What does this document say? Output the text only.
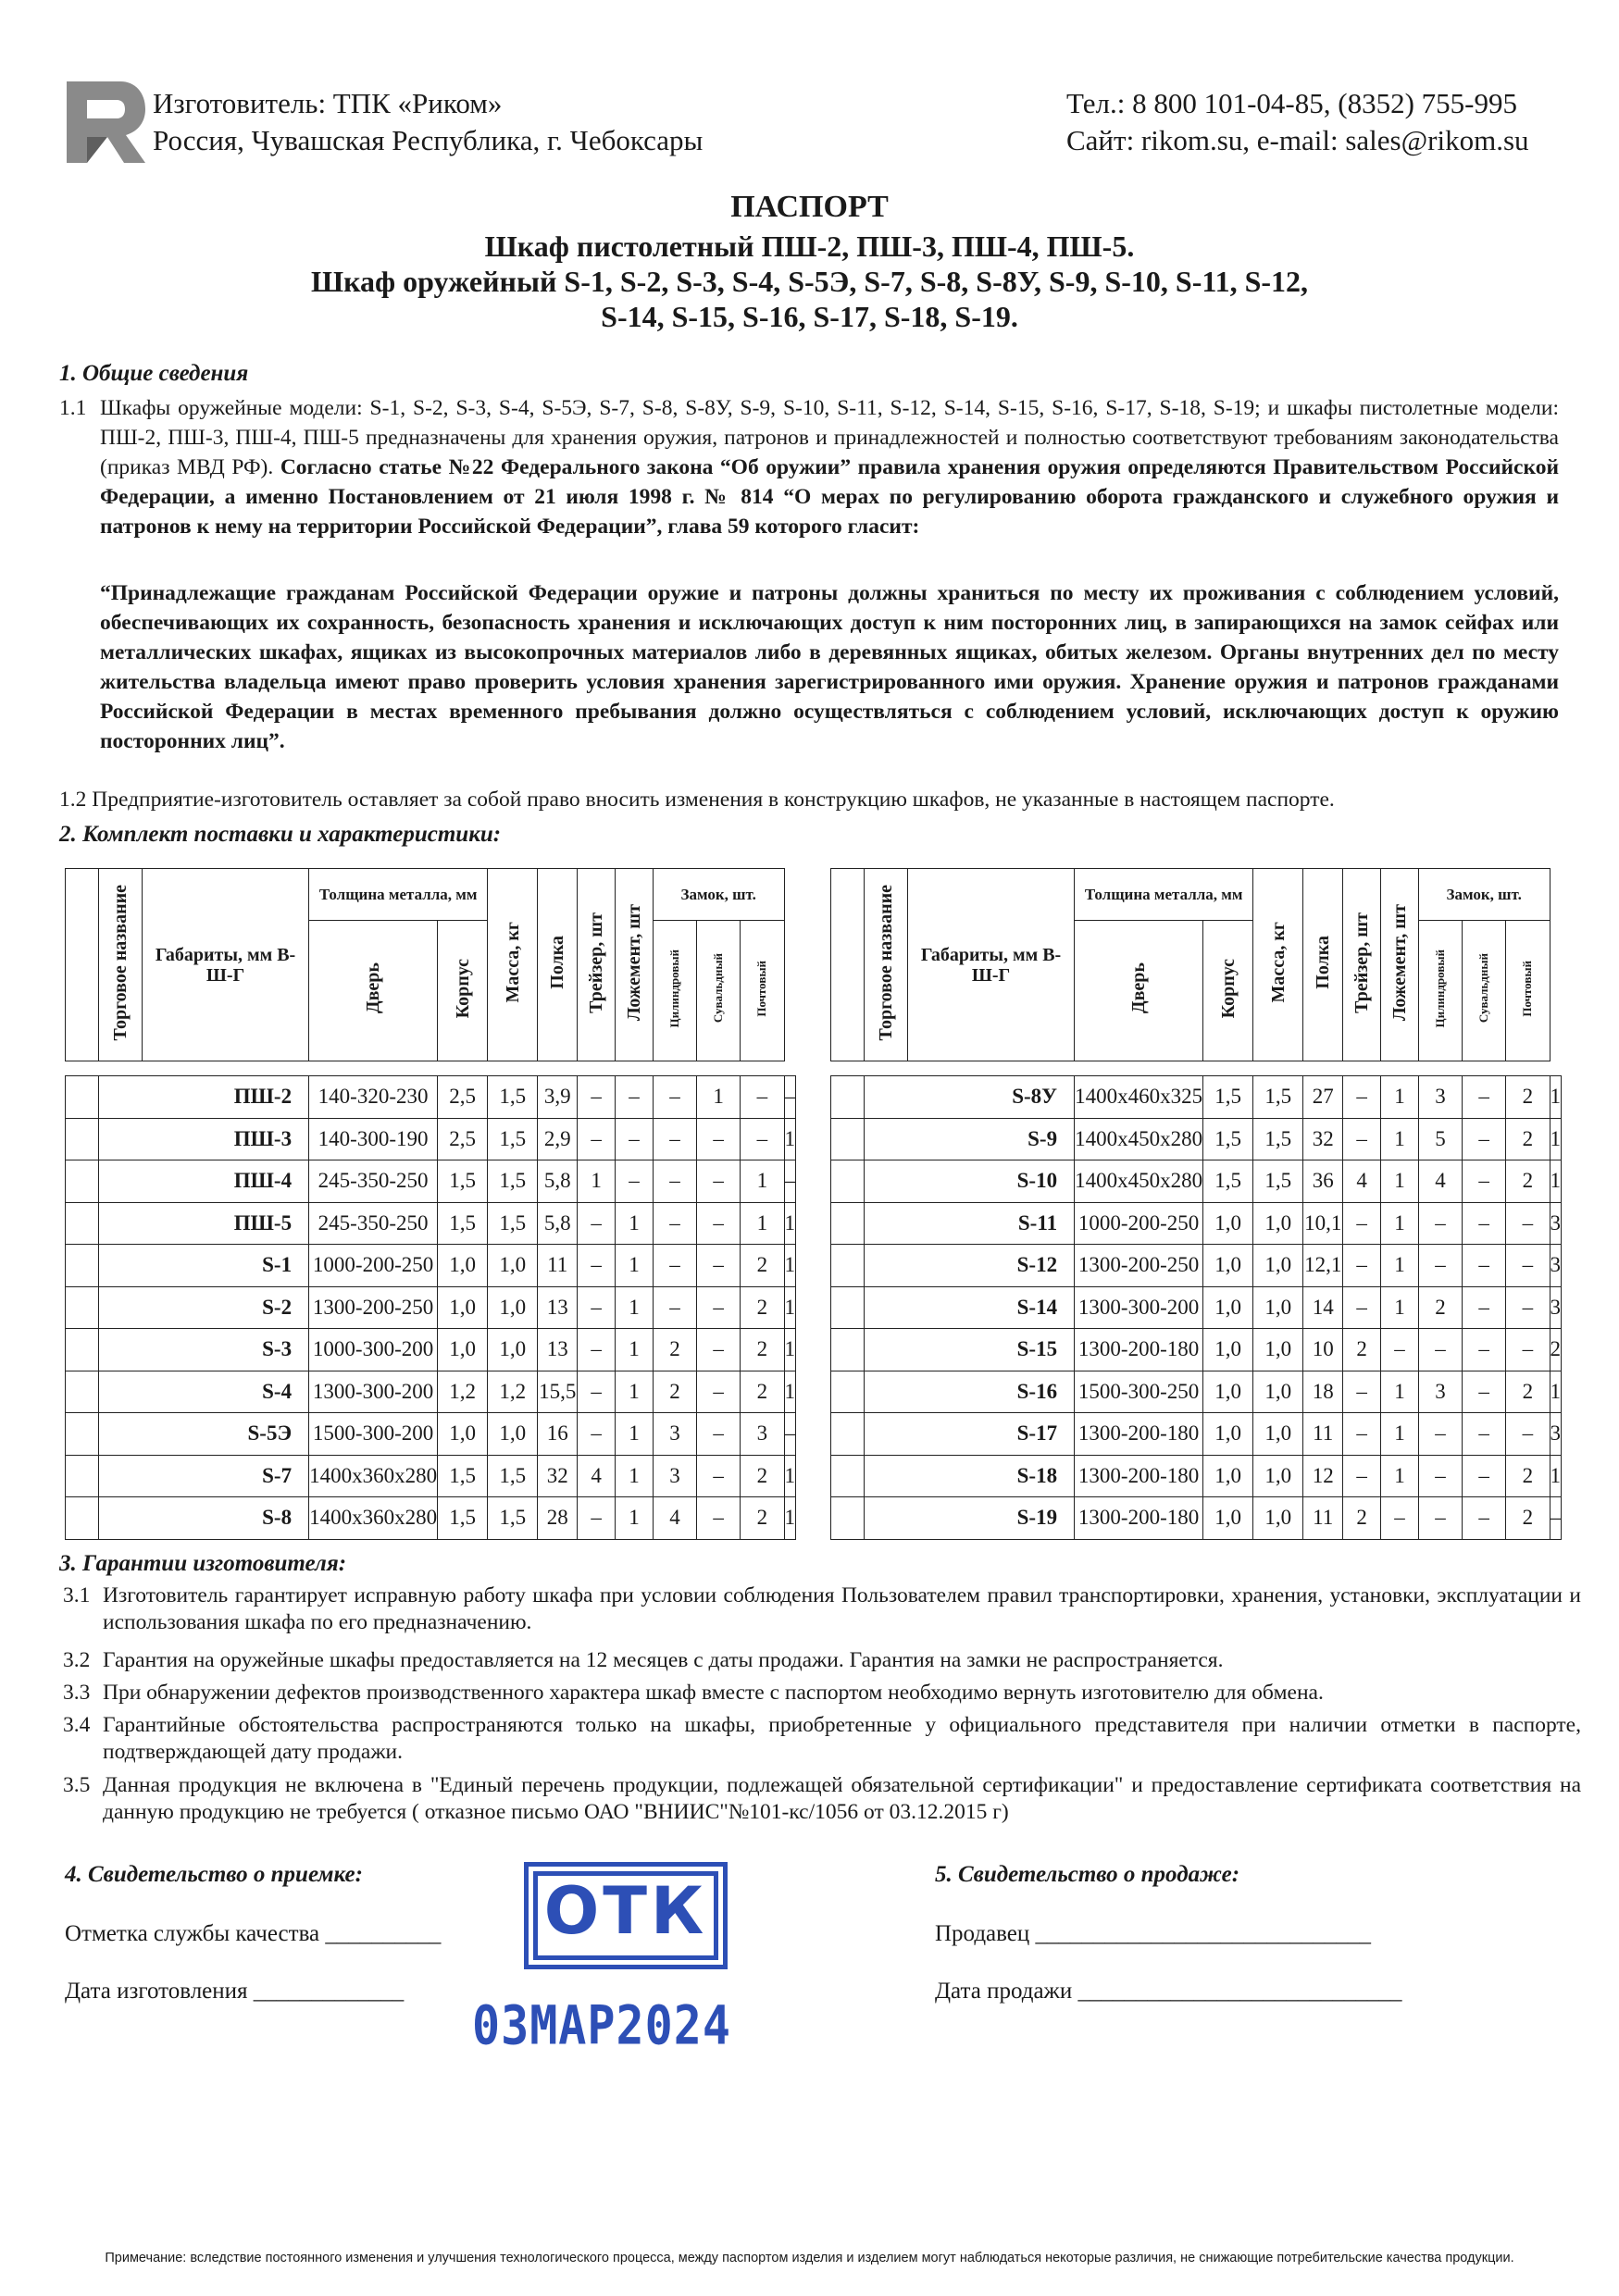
Изготовитель: ТПК «Риком»
Россия, Чувашская Республика, г. Чебоксары
Тел.: 8 800 101-04-85, (8352) 755-995
Сайт: rikom.su, e-mail: sales@rikom.su
ПАСПОРТ
Шкаф пистолетный ПШ-2, ПШ-3, ПШ-4, ПШ-5.
Шкаф оружейный S-1, S-2, S-3, S-4, S-5Э, S-7, S-8, S-8У, S-9, S-10, S-11, S-12,
S-14, S-15, S-16, S-17, S-18, S-19.
1. Общие сведения
1.1 Шкафы оружейные модели: S-1, S-2, S-3, S-4, S-5Э, S-7, S-8, S-8У, S-9, S-10, S-11, S-12, S-14, S-15, S-16, S-17, S-18, S-19; и шкафы пистолетные модели: ПШ-2, ПШ-3, ПШ-4, ПШ-5 предназначены для хранения оружия, патронов и принадлежностей и полностью соответствуют требованиям законодательства (приказ МВД РФ). Согласно статье №22 Федерального закона “Об оружии” правила хранения оружия определяются Правительством Российской Федерации, а именно Постановлением от 21 июля 1998 г. № 814 “О мерах по регулированию оборота гражданского и служебного оружия и патронов к нему на территории Российской Федерации”, глава 59 которого гласит:
“Принадлежащие гражданам Российской Федерации оружие и патроны должны храниться по месту их проживания с соблюдением условий, обеспечивающих их сохранность, безопасность хранения и исключающих доступ к ним посторонних лиц, в запирающихся на замок сейфах или металлических шкафах, ящиках из высокопрочных материалов либо в деревянных ящиках, обитых железом. Органы внутренних дел по месту жительства владельца имеют право проверить условия хранения зарегистрированного ими оружия. Хранение оружия и патронов гражданами Российской Федерации в местах временного пребывания должно осуществляться с соблюдением условий, исключающих доступ к оружию посторонних лиц”.
1.2 Предприятие-изготовитель оставляет за собой право вносить изменения в конструкцию шкафов, не указанные в настоящем паспорте.
2. Комплект поставки и характеристики:
	Торговое название	Габариты, мм В-Ш-Г	Толщина металла, мм		Масса, кг	Полка	Трейзер, шт	Ложемент, шт	Замок, шт.			
			Дверь	Корпус					Цилиндровый	Сувальдный	Почтовый	

	ПШ-2		140-320-230	2,5	1,5	3,9	–	–	–	1	–	–
	ПШ-3		140-300-190	2,5	1,5	2,9	–	–	–	–	–	1
	ПШ-4		245-350-250	1,5	1,5	5,8	1	–	–	–	1	–
	ПШ-5		245-350-250	1,5	1,5	5,8	–	1	–	–	1	1
	S-1		1000-200-250	1,0	1,0	11	–	1	–	–	2	1
	S-2		1300-200-250	1,0	1,0	13	–	1	–	–	2	1
	S-3		1000-300-200	1,0	1,0	13	–	1	2	–	2	1
	S-4		1300-300-200	1,2	1,2	15,5	–	1	2	–	2	1
	S-5Э		1500-300-200	1,0	1,0	16	–	1	3	–	3	–
	S-7		1400х360х280	1,5	1,5	32	4	1	3	–	2	1
	S-8		1400х360х280	1,5	1,5	28	–	1	4	–	2	1
	Торговое название	Габариты, мм В-Ш-Г	Толщина металла, мм		Масса, кг	Полка	Трейзер, шт	Ложемент, шт	Замок, шт.			
			Дверь	Корпус					Цилиндровый	Сувальдный	Почтовый	

	S-8У		1400х460х325	1,5	1,5	27	–	1	3	–	2	1
	S-9		1400х450х280	1,5	1,5	32	–	1	5	–	2	1
	S-10		1400х450х280	1,5	1,5	36	4	1	4	–	2	1
	S-11		1000-200-250	1,0	1,0	10,1	–	1	–	–	–	3
	S-12		1300-200-250	1,0	1,0	12,1	–	1	–	–	–	3
	S-14		1300-300-200	1,0	1,0	14	–	1	2	–	–	3
	S-15		1300-200-180	1,0	1,0	10	2	–	–	–	–	2
	S-16		1500-300-250	1,0	1,0	18	–	1	3	–	2	1
	S-17		1300-200-180	1,0	1,0	11	–	1	–	–	–	3
	S-18		1300-200-180	1,0	1,0	12	–	1	–	–	2	1
	S-19		1300-200-180	1,0	1,0	11	2	–	–	–	2	–
3. Гарантии изготовителя:
3.1 Изготовитель гарантирует исправную работу шкафа при условии соблюдения Пользователем правил транспортировки, хранения, установки, эксплуатации и использования шкафа по его предназначению.
3.2 Гарантия на оружейные шкафы предоставляется на 12 месяцев с даты продажи. Гарантия на замки не распространяется.
3.3 При обнаружении дефектов производственного характера шкаф вместе с паспортом необходимо вернуть изготовителю для обмена.
3.4 Гарантийные обстоятельства распространяются только на шкафы, приобретенные у официального представителя при наличии отметки в паспорте, подтверждающей дату продажи.
3.5 Данная продукция не включена в "Единый перечень продукции, подлежащей обязательной сертификации" и предоставление сертификата соответствия на данную продукцию не требуется ( отказное письмо ОАО "ВНИИС"№101-кс/1056 от 03.12.2015 г)
4. Свидетельство о приемке:
Отметка службы качества __________
Дата изготовления _____________
ОТК
03МАР2024
5. Свидетельство о продаже:
Продавец _____________________________
Дата продажи ____________________________
Примечание: вследствие постоянного изменения и улучшения технологического процесса, между паспортом изделия и изделием могут наблюдаться некоторые различия, не снижающие потребительские качества продукции.
